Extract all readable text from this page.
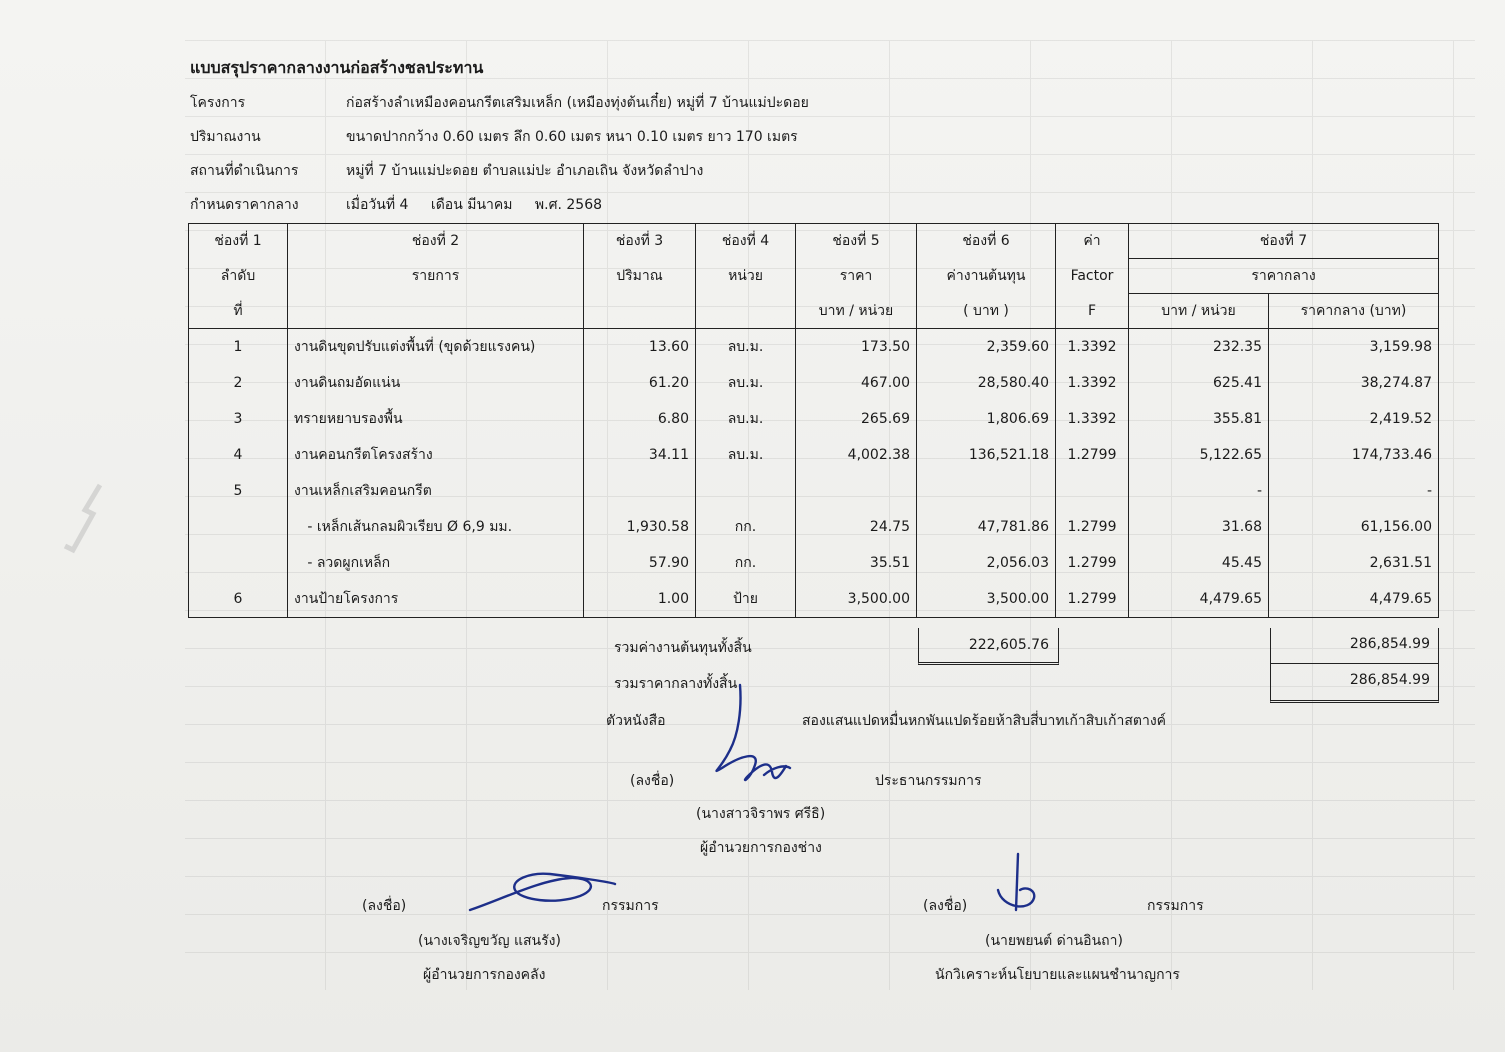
แบบสรุปราคากลางงานก่อสร้างชลประทาน
โครงการ	ก่อสร้างลำเหมืองคอนกรีตเสริมเหล็ก (เหมืองทุ่งต้นเกี๋ย) หมู่ที่ 7 บ้านแม่ปะดอย
ปริมาณงาน	ขนาดปากกว้าง 0.60 เมตร ลึก 0.60 เมตร หนา 0.10 เมตร ยาว 170 เมตร
สถานที่ดำเนินการ	หมู่ที่ 7 บ้านแม่ปะดอย ตำบลแม่ปะ อำเภอเถิน จังหวัดลำปาง
กำหนดราคากลาง	เมื่อวันที่ 4 เดือน มีนาคม พ.ศ. 2568
ช่องที่ 1	ช่องที่ 2	ช่องที่ 3	ช่องที่ 4	ช่องที่ 5	ช่องที่ 6	ค่า	ช่องที่ 7	
ลำดับ	รายการ	ปริมาณ	หน่วย	ราคา	ค่างานต้นทุน	Factor	ราคากลาง	
ที่				บาท / หน่วย	( บาท )	F	บาท / หน่วย	ราคากลาง (บาท)
1	งานดินขุดปรับแต่งพื้นที่ (ขุดด้วยแรงคน)	13.60	ลบ.ม.	173.50	2,359.60	1.3392	232.35	3,159.98
2	งานดินถมอัดแน่น	61.20	ลบ.ม.	467.00	28,580.40	1.3392	625.41	38,274.87
3	ทรายหยาบรองพื้น	6.80	ลบ.ม.	265.69	1,806.69	1.3392	355.81	2,419.52
4	งานคอนกรีตโครงสร้าง	34.11	ลบ.ม.	4,002.38	136,521.18	1.2799	5,122.65	174,733.46
5	งานเหล็กเสริมคอนกรีต						-	-
	- เหล็กเส้นกลมผิวเรียบ Ø 6,9 มม.	1,930.58	กก.	24.75	47,781.86	1.2799	31.68	61,156.00
	- ลวดผูกเหล็ก	57.90	กก.	35.51	2,056.03	1.2799	45.45	2,631.51
6	งานป้ายโครงการ	1.00	ป้าย	3,500.00	3,500.00	1.2799	4,479.65	4,479.65
รวมค่างานต้นทุนทั้งสิ้น	222,605.76	286,854.99
รวมราคากลางทั้งสิ้น	286,854.99
ตัวหนังสือ	สองแสนแปดหมื่นหกพันแปดร้อยห้าสิบสี่บาทเก้าสิบเก้าสตางค์
(ลงชื่อ)	ประธานกรรมการ
(นางสาวจิราพร ศรีธิ)
ผู้อำนวยการกองช่าง
(ลงชื่อ)	กรรมการ
(นางเจริญขวัญ แสนรัง)
ผู้อำนวยการกองคลัง
(ลงชื่อ)	กรรมการ
(นายพยนต์ ด่านอินถา)
นักวิเคราะห์นโยบายและแผนชำนาญการ
